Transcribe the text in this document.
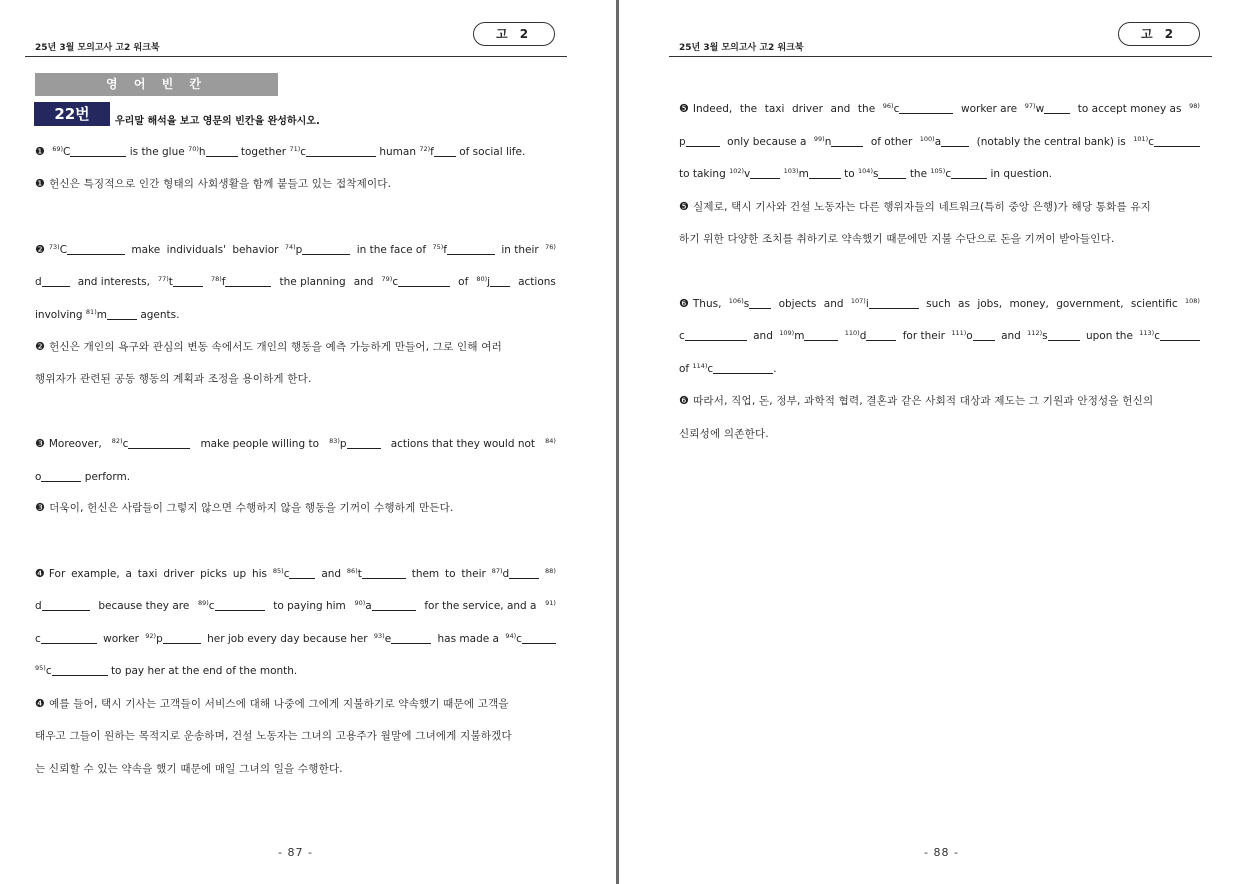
25년 3월 모의고사 고2 워크북
고 2
영 어 빈 칸
22번	우리말 해석을 보고 영문의 빈칸을 완성하시오.
❶ $^{69)}$C	is the glue $^{70)}$h	together $^{71)}$c	human $^{72)}$f of social life.
❶ 헌신은 특징적으로 인간 형태의 사회생활을 함께 붙들고 있는 접착제이다.
❷ $^{73)}$C	make individuals' behavior $^{74)}$p	in the face of $^{75)}$f	in their $^{76)}$
d	and interests, $^{77)}$t	$^{78)}$f	the planning and $^{79)}$c	of $^{80)}$j	actions
involving $^{81)}$m	agents.
❷ 헌신은 개인의 욕구와 관심의 변동 속에서도 개인의 행동을 예측 가능하게 만들어, 그로 인해 여러
행위자가 관련된 공동 행동의 계획과 조정을 용이하게 한다.
❸ Moreover, $^{82)}$c	make people willing to $^{83)}$p	actions that they would not $^{84)}$
o	perform.
❸ 더욱이, 헌신은 사람들이 그렇지 않으면 수행하지 않을 행동을 기꺼이 수행하게 만든다.
❹ For example, a taxi driver picks up his $^{85)}$c	and $^{86)}$t	them to their $^{87)}$d	$^{88)}$
d	because they are $^{89)}$c	to paying him $^{90)}$a	for the service, and a $^{91)}$
c	worker $^{92)}$p	her job every day because her $^{93)}$e	has made a $^{94)}$c
$^{95)}$c	to pay her at the end of the month.
❹ 예를 들어, 택시 기사는 고객들이 서비스에 대해 나중에 그에게 지불하기로 약속했기 때문에 고객을
태우고 그들이 원하는 목적지로 운송하며, 건설 노동자는 그녀의 고용주가 월말에 그녀에게 지불하겠다
는 신뢰할 수 있는 약속을 했기 때문에 매일 그녀의 일을 수행한다.
- 87 -
25년 3월 모의고사 고2 워크북
고 2
❺ Indeed, the taxi driver and the $^{96)}$c	worker are $^{97)}$w	to accept money as $^{98)}$
p	only because a $^{99)}$n	of other $^{100)}$a	(notably the central bank) is $^{101)}$c
to taking $^{102)}$v	$^{103)}$m	to $^{104)}$s	the $^{105)}$c	in question.
❺ 실제로, 택시 기사와 건설 노동자는 다른 행위자들의 네트워크(특히 중앙 은행)가 해당 통화를 유지
하기 위한 다양한 조치를 취하기로 약속했기 때문에만 지불 수단으로 돈을 기꺼이 받아들인다.
❻ Thus, $^{106)}$s	objects and $^{107)}$i	such as jobs, money, government, scientific $^{108)}$
c	and $^{109)}$m	$^{110)}$d	for their $^{111)}$o	and $^{112)}$s	upon the $^{113)}$c
of $^{114)}$c	.
❻ 따라서, 직업, 돈, 정부, 과학적 협력, 결혼과 같은 사회적 대상과 제도는 그 기원과 안정성을 헌신의
신뢰성에 의존한다.
- 88 -
